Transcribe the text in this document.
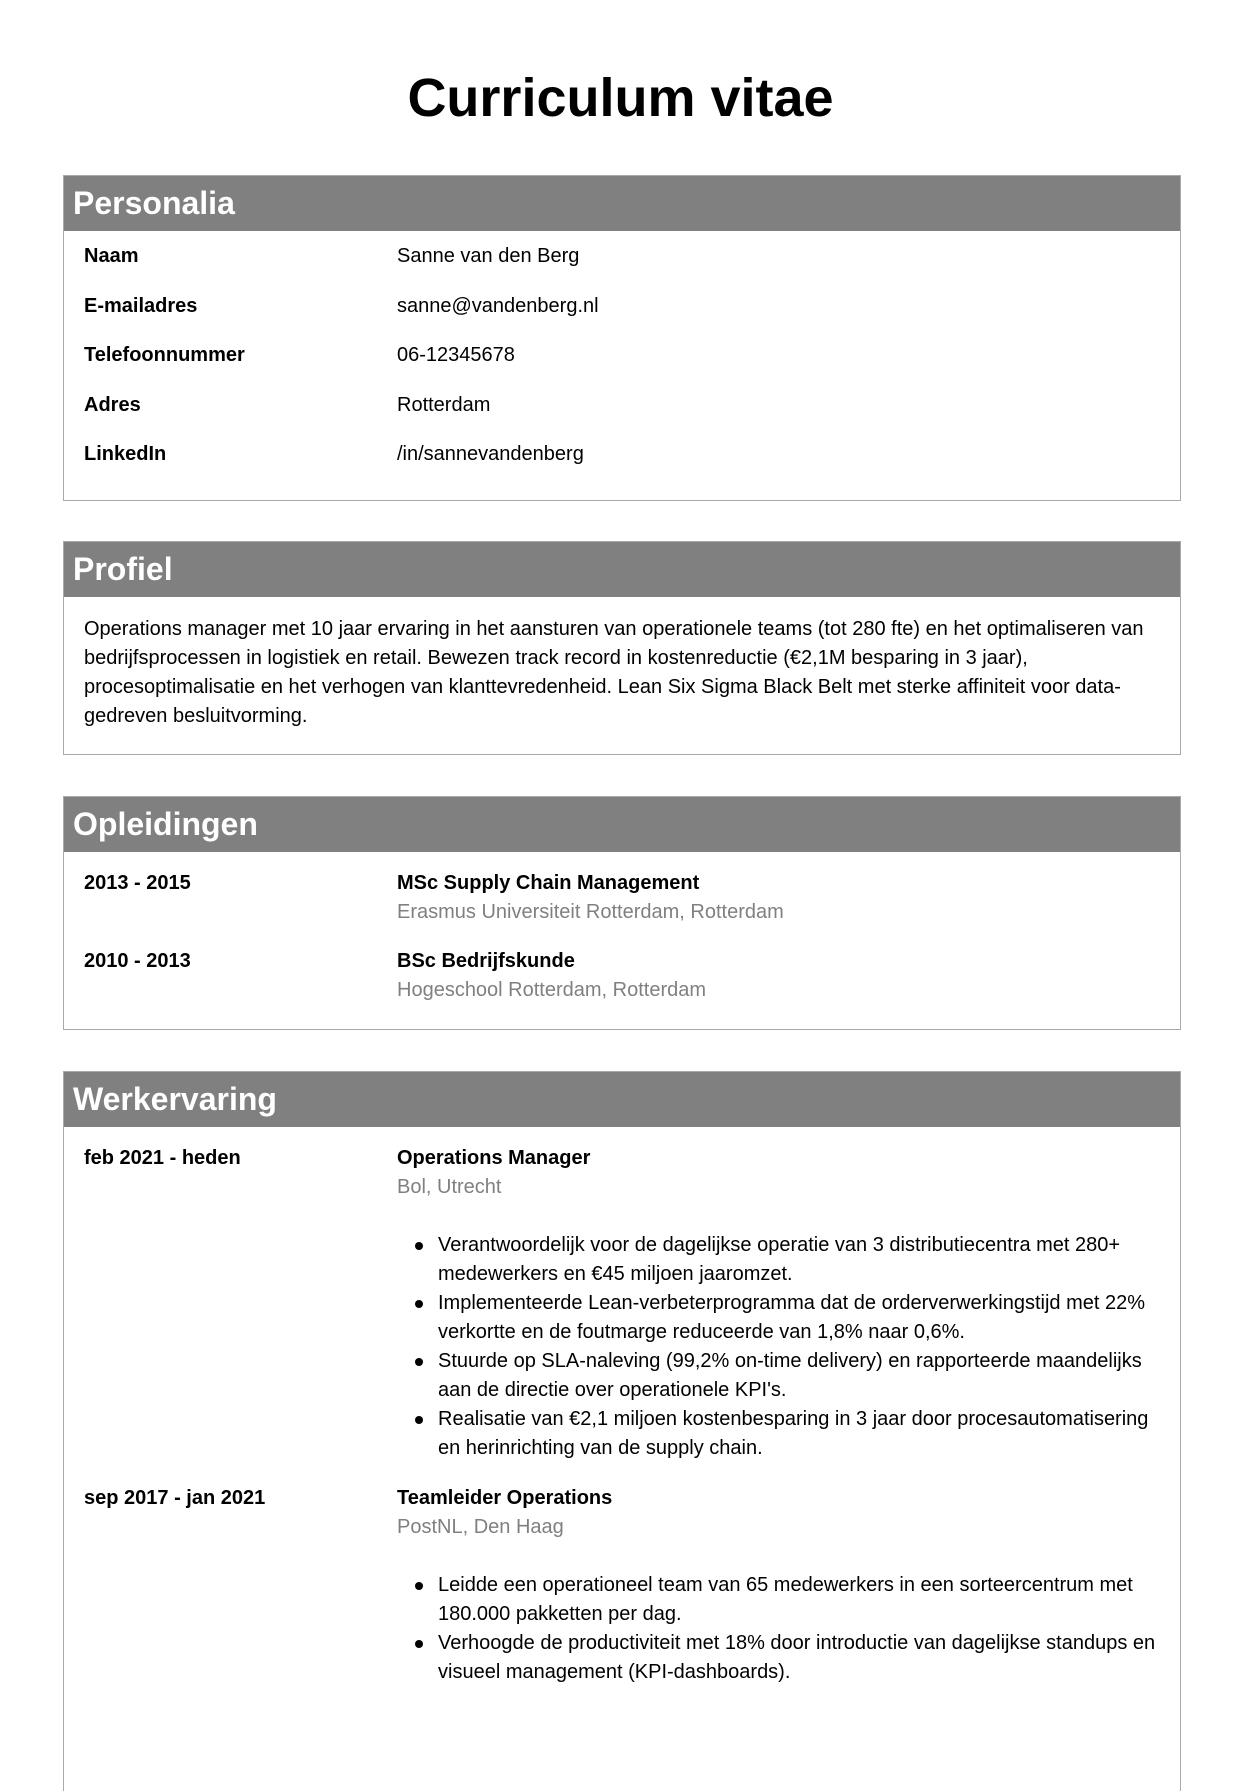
Curriculum vitae
Personalia
Naam	Sanne van den Berg
E-mailadres	sanne@vandenberg.nl
Telefoonnummer	06-12345678
Adres	Rotterdam
LinkedIn	/in/sannevandenberg
Profiel
Operations manager met 10 jaar ervaring in het aansturen van operationele teams (tot 280 fte) en het optimaliseren van bedrijfsprocessen in logistiek en retail. Bewezen track record in kostenreductie (€2,1M besparing in 3 jaar), procesoptimalisatie en het verhogen van klanttevredenheid. Lean Six Sigma Black Belt met sterke affiniteit voor data-gedreven besluitvorming.
Opleidingen
2013 - 2015	MSc Supply Chain Management
Erasmus Universiteit Rotterdam, Rotterdam
2010 - 2013	BSc Bedrijfskunde
Hogeschool Rotterdam, Rotterdam
Werkervaring
feb 2021 - heden	Operations Manager
Bol, Utrecht
Verantwoordelijk voor de dagelijkse operatie van 3 distributiecentra met 280+ medewerkers en €45 miljoen jaaromzet.
Implementeerde Lean-verbeterprogramma dat de orderverwerkingstijd met 22% verkortte en de foutmarge reduceerde van 1,8% naar 0,6%.
Stuurde op SLA-naleving (99,2% on-time delivery) en rapporteerde maandelijks aan de directie over operationele KPI's.
Realisatie van €2,1 miljoen kostenbesparing in 3 jaar door procesautomatisering en herinrichting van de supply chain.
sep 2017 - jan 2021	Teamleider Operations
PostNL, Den Haag
Leidde een operationeel team van 65 medewerkers in een sorteercentrum met 180.000 pakketten per dag.
Verhoogde de productiviteit met 18% door introductie van dagelijkse standups en visueel management (KPI-dashboards).
